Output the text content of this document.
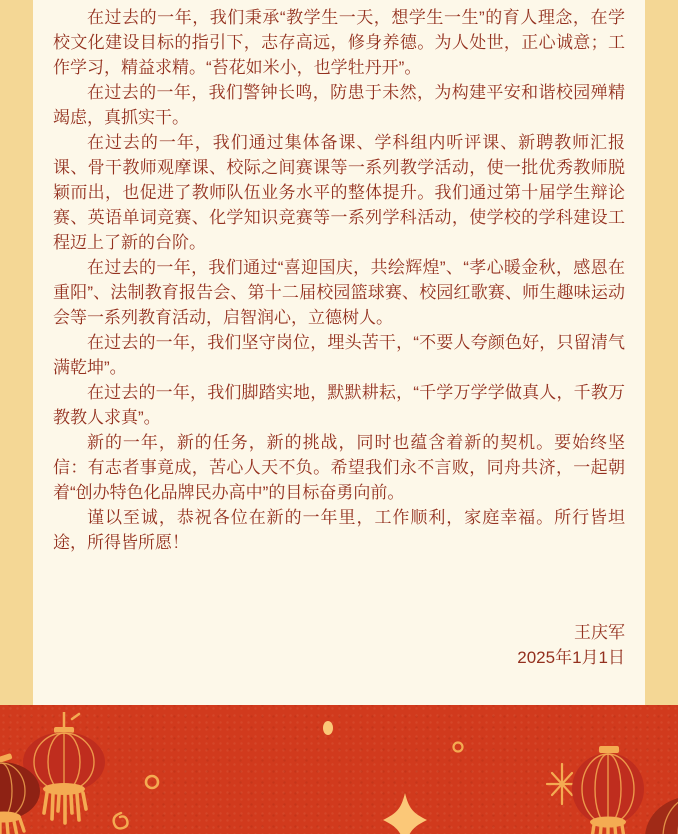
在过去的一年，我们秉承“教学生一天，想学生一生”的育人理念，在学校文化建设目标的指引下，志存高远，修身养德。为人处世，正心诚意；工作学习，精益求精。“苔花如米小，也学牡丹开”。

在过去的一年，我们警钟长鸣，防患于未然，为构建平安和谐校园殚精竭虑，真抓实干。

在过去的一年，我们通过集体备课、学科组内听评课、新聘教师汇报课、骨干教师观摩课、校际之间赛课等一系列教学活动，使一批优秀教师脱颖而出，也促进了教师队伍业务水平的整体提升。我们通过第十届学生辩论赛、英语单词竞赛、化学知识竞赛等一系列学科活动，使学校的学科建设工程迈上了新的台阶。

在过去的一年，我们通过“喜迎国庆，共绘辉煌”、“孝心暖金秋，感恩在重阳”、法制教育报告会、第十二届校园篮球赛、校园红歌赛、师生趣味运动会等一系列教育活动，启智润心，立德树人。

在过去的一年，我们坚守岗位，埋头苦干，“不要人夸颜色好，只留清气满乾坤”。

在过去的一年，我们脚踏实地，默默耕耘，“千学万学学做真人，千教万教教人求真”。

新的一年，新的任务，新的挑战，同时也蕴含着新的契机。要始终坚信：有志者事竟成，苦心人天不负。希望我们永不言败，同舟共济，一起朝着“创办特色化品牌民办高中”的目标奋勇向前。

谨以至诚，恭祝各位在新的一年里，工作顺利，家庭幸福。所行皆坦途，所得皆所愿！

王庆军
2025年1月1日
